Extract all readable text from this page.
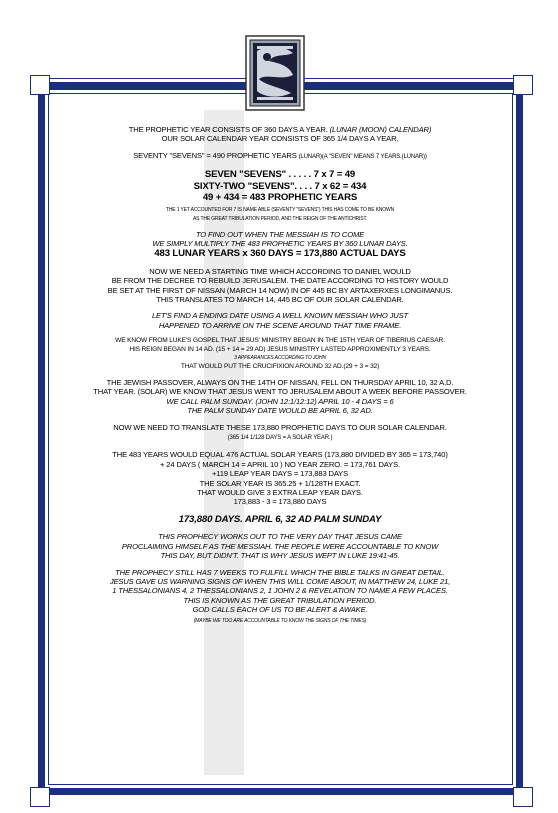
THE PROPHETIC YEAR CONSISTS OF 360 DAYS A YEAR. (LUNAR (MOON) CALENDAR)
OUR SOLAR CALENDAR YEAR CONSISTS OF 365 1/4 DAYS A YEAR.

SEVENTY "SEVENS" = 490 PROPHETIC YEARS (LUNAR)(A "SEVEN" MEANS 7 YEARS.(LUNAR))

SEVEN "SEVENS" . . . . . 7 x 7 = 49
SIXTY-TWO "SEVENS". . . . 7 x 62 = 434
49 + 434 = 483 PROPHETIC YEARS
THE 1 YET ACCOUNTED FOR 7 IS NAME ABLE (SEVENTY "SEVENS") THIS HAS COME TO BE KNOWN
AS THE GREAT TRIBULATION PERIOD, AND THE REIGN OF THE ANTICHRIST.

TO FIND OUT WHEN THE MESSIAH IS TO COME
WE SIMPLY MULTIPLY THE 483 PROPHETIC YEARS BY 360 LUNAR DAYS.
483 LUNAR YEARS x 360 DAYS = 173,880 ACTUAL DAYS

NOW WE NEED A STARTING TIME WHICH ACCORDING TO DANIEL WOULD
BE FROM THE DECREE TO REBUILD JERUSALEM. THE DATE ACCORDING TO HISTORY WOULD
BE SET AT THE FIRST OF NISSAN (MARCH 14 NOW) IN OF 445 BC BY ARTAXERXES LONGIMANUS.
THIS TRANSLATES TO MARCH 14, 445 BC OF OUR SOLAR CALENDAR.

LET'S FIND A ENDING DATE USING A WELL KNOWN MESSIAH WHO JUST
HAPPENED TO ARRIVE ON THE SCENE AROUND THAT TIME FRAME.

WE KNOW FROM LUKE'S GOSPEL THAT JESUS' MINISTRY BEGAN IN THE 15TH YEAR OF TIBERIUS CAESAR.
HIS REIGN BEGAN IN 14 AD. (15 + 14 = 29 AD) JESUS MINISTRY LASTED APPROXIMENTLY 3 YEARS.
3 APPEARANCES ACCORDING TO JOHN
THAT WOULD PUT THE CRUCIFIXION AROUND 32 AD.(29 + 3 = 32)

THE JEWISH PASSOVER, ALWAYS ON THE 14TH OF NISSAN, FELL ON THURSDAY APRIL 10, 32 A.D.
THAT YEAR. (SOLAR) WE KNOW THAT JESUS WENT TO JERUSALEM ABOUT A WEEK BEFORE PASSOVER.
WE CALL PALM SUNDAY. (JOHN 12:1/12:12) APRIL 10 - 4 DAYS = 6
THE PALM SUNDAY DATE WOULD BE APRIL 6, 32 AD.

NOW WE NEED TO TRANSLATE THESE 173,880 PROPHETIC DAYS TO OUR SOLAR CALENDAR.
(365 1/4 1/128 DAYS = A SOLAR YEAR.)

THE 483 YEARS WOULD EQUAL 476 ACTUAL SOLAR YEARS (173,880 DIVIDED BY 365 = 173,740)
+ 24 DAYS ( MARCH 14 = APRIL 10 ) NO YEAR ZERO. = 173,761 DAYS.
+119 LEAP YEAR DAYS = 173,883 DAYS
THE SOLAR YEAR IS 365.25 + 1/128TH EXACT.
THAT WOULD GIVE 3 EXTRA LEAP YEAR DAYS.
173,883 - 3 = 173,880 DAYS

173,880 DAYS. APRIL 6, 32 AD PALM SUNDAY

THIS PROPHECY WORKS OUT TO THE VERY DAY THAT JESUS CAME
PROCLAIMING HIMSELF AS THE MESSIAH. THE PEOPLE WERE ACCOUNTABLE TO KNOW
THIS DAY, BUT DIDN'T. THAT IS WHY JESUS WEPT IN LUKE 19:41-45.

THE PROPHECY STILL HAS 7 WEEKS TO FULFILL WHICH THE BIBLE TALKS IN GREAT DETAIL.
JESUS GAVE US WARNING SIGNS OF WHEN THIS WILL COME ABOUT, IN MATTHEW 24, LUKE 21,
1 THESSALONIANS 4, 2 THESSALONIANS 2, 1 JOHN 2 & REVELATION TO NAME A FEW PLACES.
THIS IS KNOWN AS THE GREAT TRIBULATION PERIOD.
GOD CALLS EACH OF US TO BE ALERT & AWAKE.
(MAYBE WE TOO ARE ACCOUNTABLE TO KNOW THE SIGNS OF THE TIMES)
